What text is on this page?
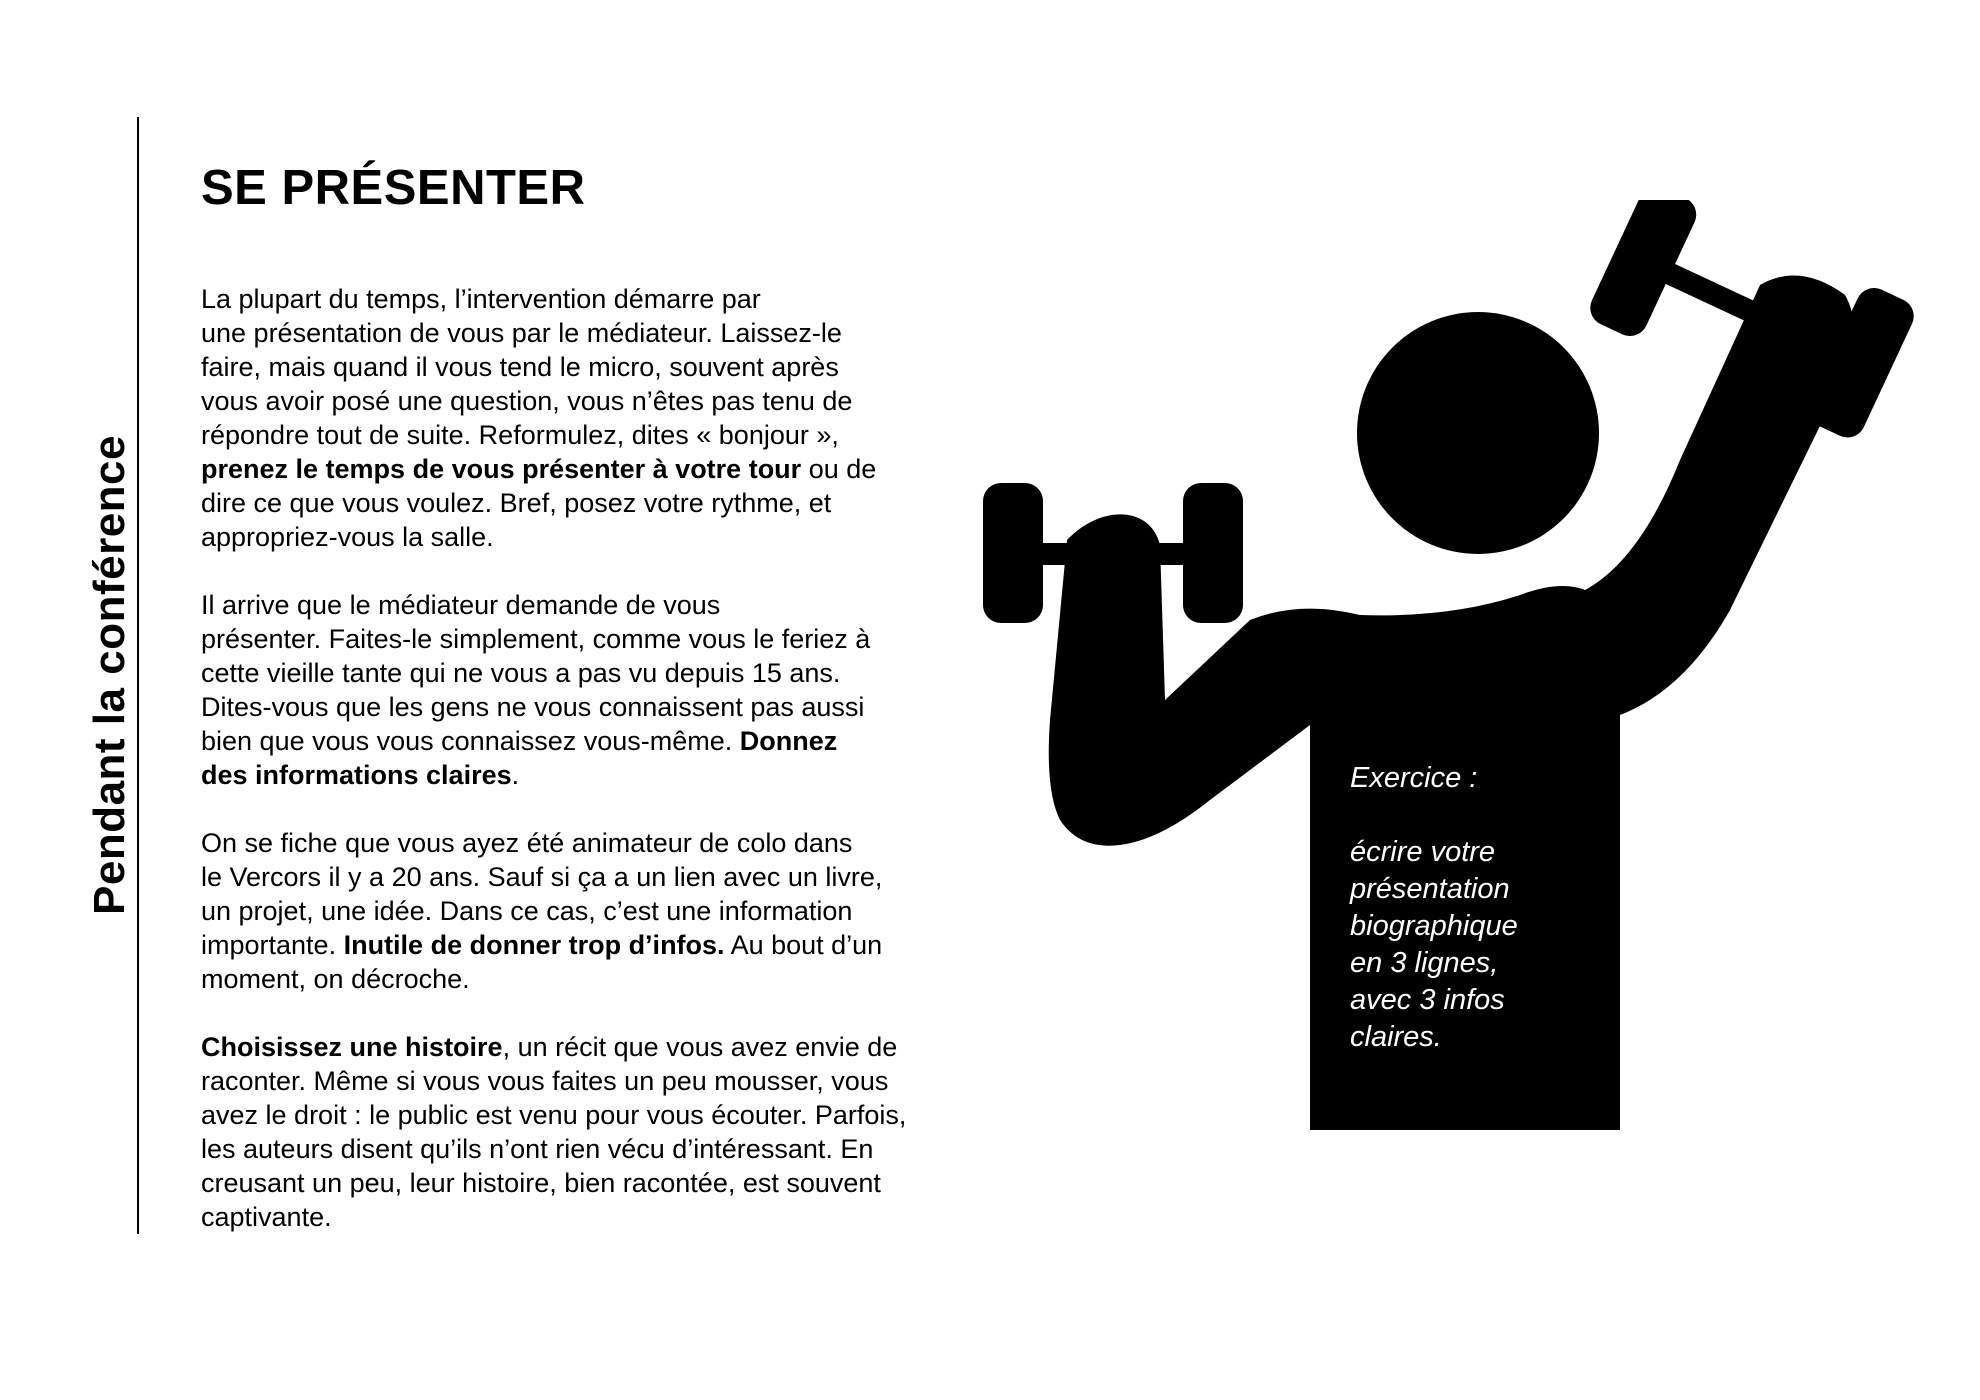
Pendant la conférence
SE PRÉSENTER

La plupart du temps, l’intervention démarre par
une présentation de vous par le médiateur. Laissez-le
faire, mais quand il vous tend le micro, souvent après
vous avoir posé une question, vous n’êtes pas tenu de
répondre tout de suite. Reformulez, dites « bonjour »,
prenez le temps de vous présenter à votre tour ou de
dire ce que vous voulez. Bref, posez votre rythme, et
appropriez-vous la salle.

Il arrive que le médiateur demande de vous
présenter. Faites-le simplement, comme vous le feriez à
cette vieille tante qui ne vous a pas vu depuis 15 ans.
Dites-vous que les gens ne vous connaissent pas aussi
bien que vous vous connaissez vous-même. Donnez
des informations claires.

On se fiche que vous ayez été animateur de colo dans
le Vercors il y a 20 ans. Sauf si ça a un lien avec un livre,
un projet, une idée. Dans ce cas, c’est une information
importante. Inutile de donner trop d’infos. Au bout d’un
moment, on décroche.

Choisissez une histoire, un récit que vous avez envie de
raconter. Même si vous vous faites un peu mousser, vous
avez le droit : le public est venu pour vous écouter. Parfois,
les auteurs disent qu’ils n’ont rien vécu d’intéressant. En
creusant un peu, leur histoire, bien racontée, est souvent
captivante.

Exercice :
écrire votre
présentation
biographique
en 3 lignes,
avec 3 infos
claires.
